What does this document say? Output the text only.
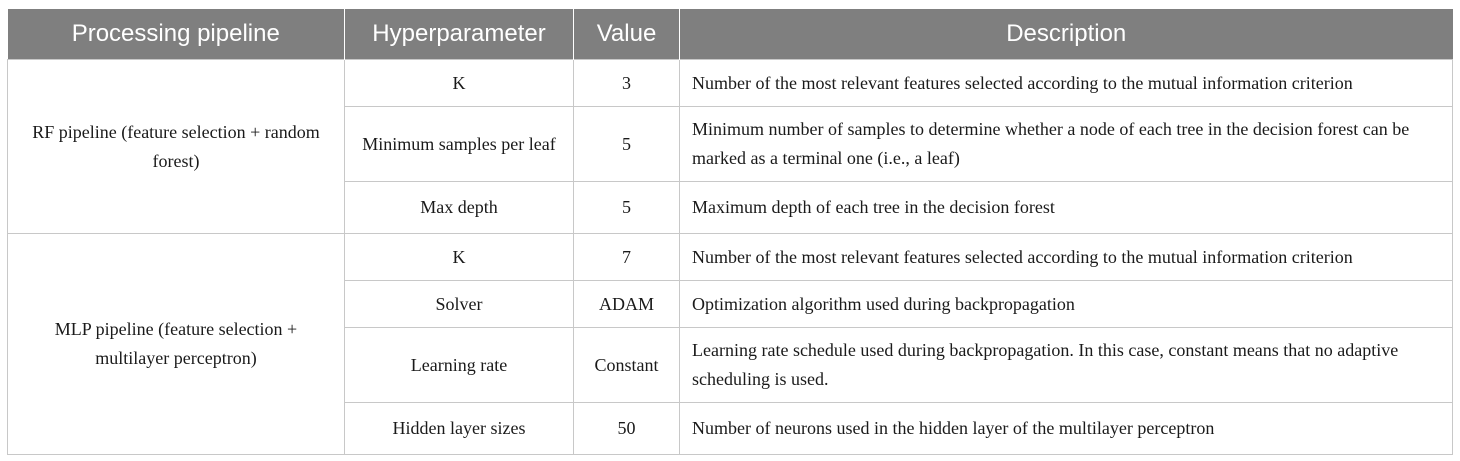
Processing pipeline	Hyperparameter	Value	Description
RF pipeline (feature selection + random forest)	K	3	Number of the most relevant features selected according to the mutual information criterion
	Minimum samples per leaf	5	Minimum number of samples to determine whether a node of each tree in the decision forest can be marked as a terminal one (i.e., a leaf)
	Max depth	5	Maximum depth of each tree in the decision forest
MLP pipeline (feature selection + multilayer perceptron)	K	7	Number of the most relevant features selected according to the mutual information criterion
	Solver	ADAM	Optimization algorithm used during backpropagation
	Learning rate	Constant	Learning rate schedule used during backpropagation. In this case, constant means that no adaptive scheduling is used.
	Hidden layer sizes	50	Number of neurons used in the hidden layer of the multilayer perceptron
